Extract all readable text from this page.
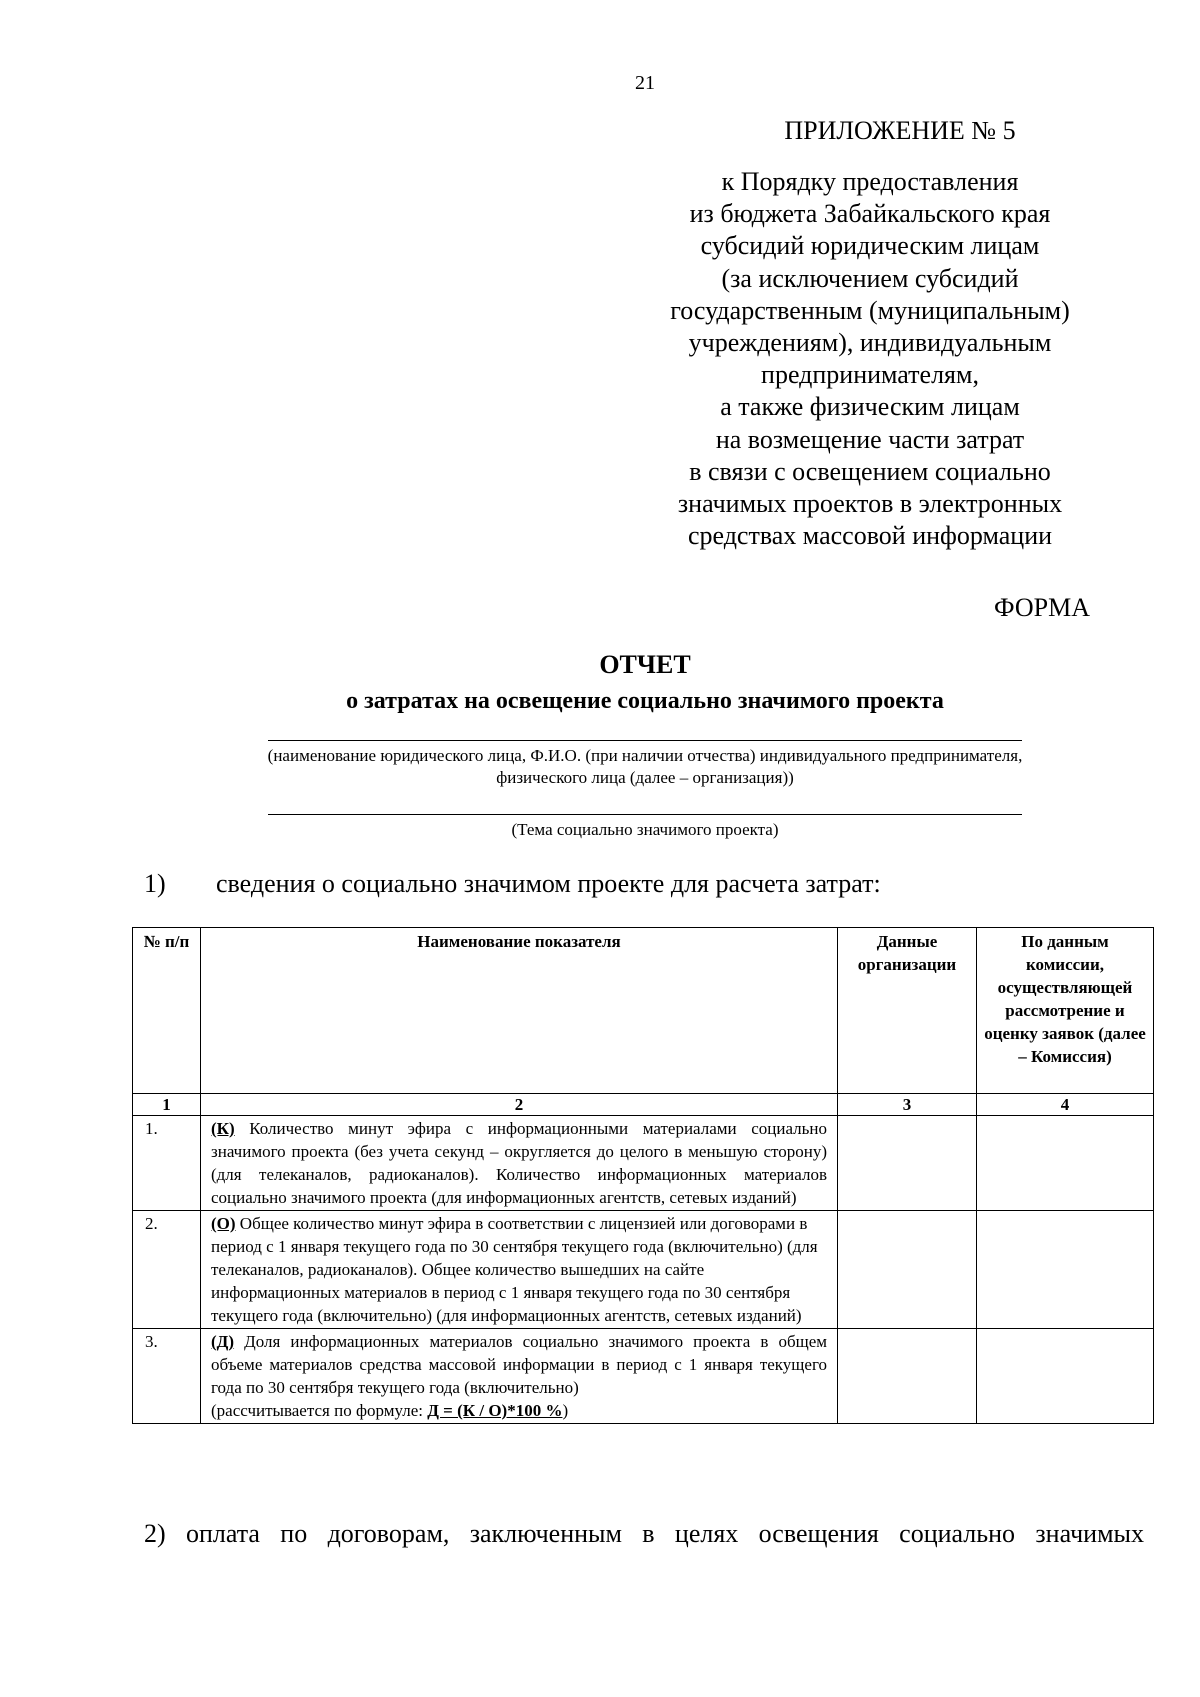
21
ПРИЛОЖЕНИЕ № 5
к Порядку предоставления
из бюджета Забайкальского края
субсидий юридическим лицам
(за исключением субсидий
государственным (муниципальным)
учреждениям), индивидуальным
предпринимателям,
а также физическим лицам
на возмещение части затрат
в связи с освещением социально
значимых проектов в электронных
средствах массовой информации
ФОРМА
ОТЧЕТ
о затратах на освещение социально значимого проекта
(наименование юридического лица, Ф.И.О. (при наличии отчества) индивидуального предпринимателя,
физического лица (далее – организация))
(Тема социально значимого проекта)
1) сведения о социально значимом проекте для расчета затрат:
№ п/п	Наименование показателя	Данные организации	По данным комиссии, осуществляющей рассмотрение и оценку заявок (далее – Комиссия)
1	2	3	4
1.	(К) Количество минут эфира с информационными материалами социально значимого проекта (без учета секунд – округляется до целого в меньшую сторону) (для телеканалов, радиоканалов). Количество информационных материалов социально значимого проекта (для информационных агентств, сетевых изданий)		
2.	(О) Общее количество минут эфира в соответствии с лицензией или договорами в период с 1 января текущего года по 30 сентября текущего года (включительно) (для телеканалов, радиоканалов). Общее количество вышедших на сайте информационных материалов в период с 1 января текущего года по 30 сентября текущего года (включительно) (для информационных агентств, сетевых изданий)		
3.	(Д) Доля информационных материалов социально значимого проекта в общем объеме материалов средства массовой информации в период с 1 января текущего года по 30 сентября текущего года (включительно)
(рассчитывается по формуле: Д = (К / О)*100 %)		

2) оплата по договорам, заключенным в целях освещения социально значимых
